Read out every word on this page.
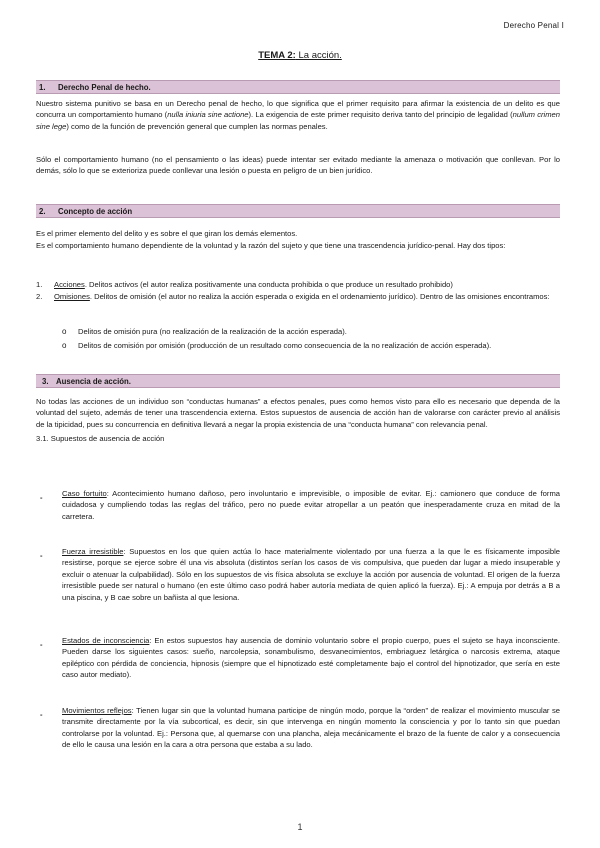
Derecho Penal I
TEMA 2: La acción.
1. Derecho Penal de hecho.
Nuestro sistema punitivo se basa en un Derecho penal de hecho, lo que significa que el primer requisito para afirmar la existencia de un delito es que concurra un comportamiento humano (nulla iniuria sine actione). La exigencia de este primer requisito deriva tanto del principio de legalidad (nullum crimen sine lege) como de la función de prevención general que cumplen las normas penales.
Sólo el comportamiento humano (no el pensamiento o las ideas) puede intentar ser evitado mediante la amenaza o motivación que conllevan. Por lo demás, sólo lo que se exterioriza puede conllevar una lesión o puesta en peligro de un bien jurídico.
2. Concepto de acción
Es el primer elemento del delito y es sobre el que giran los demás elementos.
Es el comportamiento humano dependiente de la voluntad y la razón del sujeto y que tiene una trascendencia jurídico-penal. Hay dos tipos:
1. Acciones. Delitos activos (el autor realiza positivamente una conducta prohibida o que produce un resultado prohibido)
2. Omisiones. Delitos de omisión (el autor no realiza la acción esperada o exigida en el ordenamiento jurídico). Dentro de las omisiones encontramos:
o Delitos de omisión pura (no realización de la realización de la acción esperada).
o Delitos de comisión por omisión (producción de un resultado como consecuencia de la no realización de acción esperada).
3. Ausencia de acción.
No todas las acciones de un individuo son “conductas humanas” a efectos penales, pues como hemos visto para ello es necesario que dependa de la voluntad del sujeto, además de tener una trascendencia externa. Estos supuestos de ausencia de acción han de valorarse con carácter previo al análisis de la tipicidad, pues su concurrencia en definitiva llevará a negar la propia existencia de una “conducta humana” con relevancia penal.
3.1. Supuestos de ausencia de acción
-	Caso fortuito: Acontecimiento humano dañoso, pero involuntario e imprevisible, o imposible de evitar. Ej.: camionero que conduce de forma cuidadosa y cumpliendo todas las reglas del tráfico, pero no puede evitar atropellar a un peatón que inesperadamente cruza en mitad de la carretera.
-	Fuerza irresistible: Supuestos en los que quien actúa lo hace materialmente violentado por una fuerza a la que le es físicamente imposible resistirse, porque se ejerce sobre él una vis absoluta (distintos serían los casos de vis compulsiva, que pueden dar lugar a miedo insuperable y excluir o atenuar la culpabilidad). Sólo en los supuestos de vis física absoluta se excluye la acción por ausencia de voluntad. El origen de la fuerza irresistible puede ser natural o humano (en este último caso podrá haber autoría mediata de quien aplicó la fuerza). Ej.: A empuja por detrás a B a una piscina, y B cae sobre un bañista al que lesiona.
-	Estados de inconsciencia: En estos supuestos hay ausencia de dominio voluntario sobre el propio cuerpo, pues el sujeto se haya inconsciente. Pueden darse los siguientes casos: sueño, narcolepsia, sonambulismo, desvanecimientos, embriaguez letárgica o narcosis extrema, ataque epiléptico con pérdida de conciencia, hipnosis (siempre que el hipnotizado esté completamente bajo el control del hipnotizador, que sería en este caso autor mediato).
-	Movimientos reflejos: Tienen lugar sin que la voluntad humana participe de ningún modo, porque la “orden” de realizar el movimiento muscular se transmite directamente por la vía subcortical, es decir, sin que intervenga en ningún momento la consciencia y por lo tanto sin que puedan controlarse por la voluntad. Ej.: Persona que, al quemarse con una plancha, aleja mecánicamente el brazo de la fuente de calor y a consecuencia de ello le causa una lesión en la cara a otra persona que estaba a su lado.
1
